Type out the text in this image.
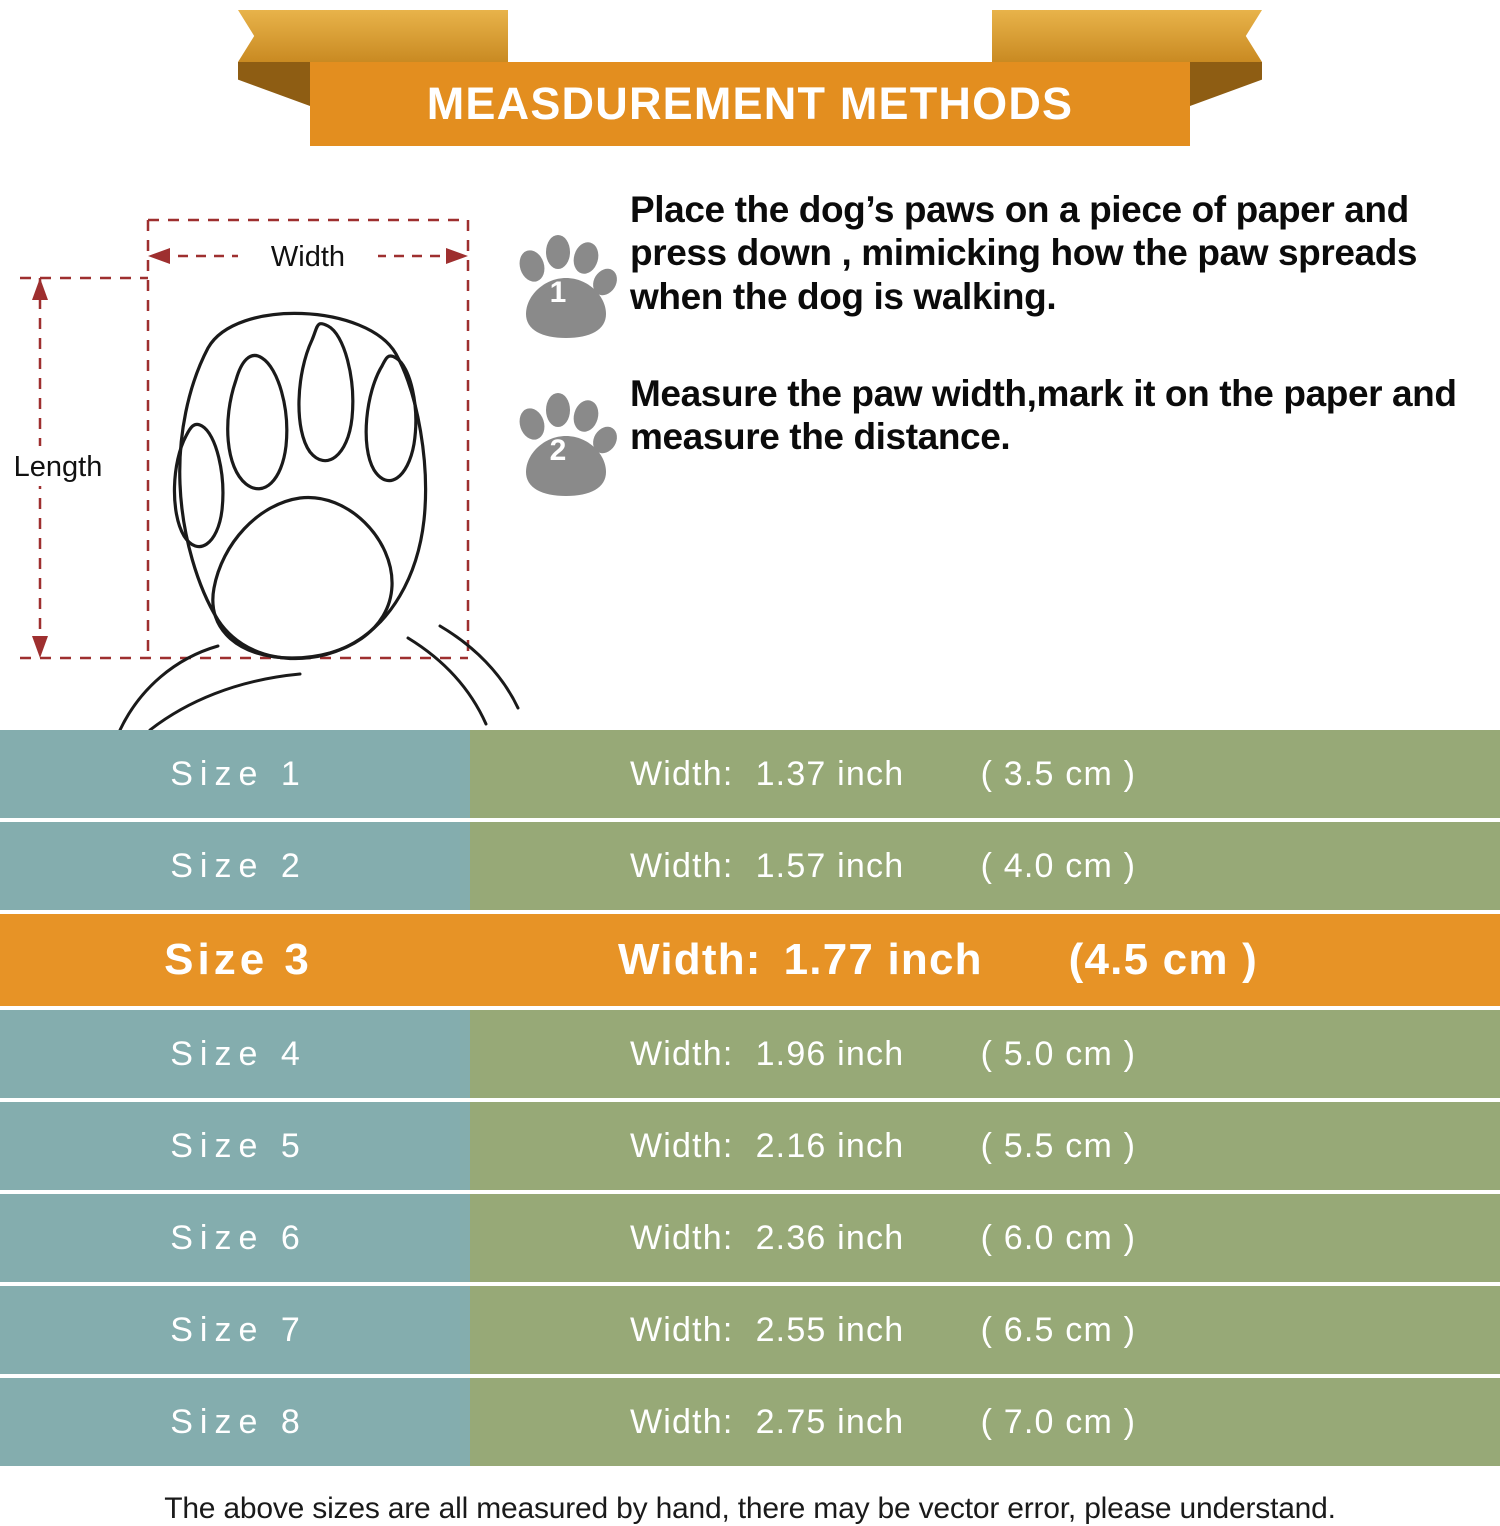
MEASDUREMENT METHODS
Width
Length
1
Place the dog’s paws on a piece of paper and press down , mimicking how the paw spreads when the dog is walking.
2
Measure the paw width,mark it on the paper and measure the distance.
Size 1	Width: 1.37 inch	( 3.5 cm )
Size 2	Width: 1.57 inch	( 4.0 cm )
Size 3	Width: 1.77 inch	(4.5 cm )
Size 4	Width: 1.96 inch	( 5.0 cm )
Size 5	Width: 2.16 inch	( 5.5 cm )
Size 6	Width: 2.36 inch	( 6.0 cm )
Size 7	Width: 2.55 inch	( 6.5 cm )
Size 8	Width: 2.75 inch	( 7.0 cm )
The above sizes are all measured by hand, there may be vector error, please understand.
